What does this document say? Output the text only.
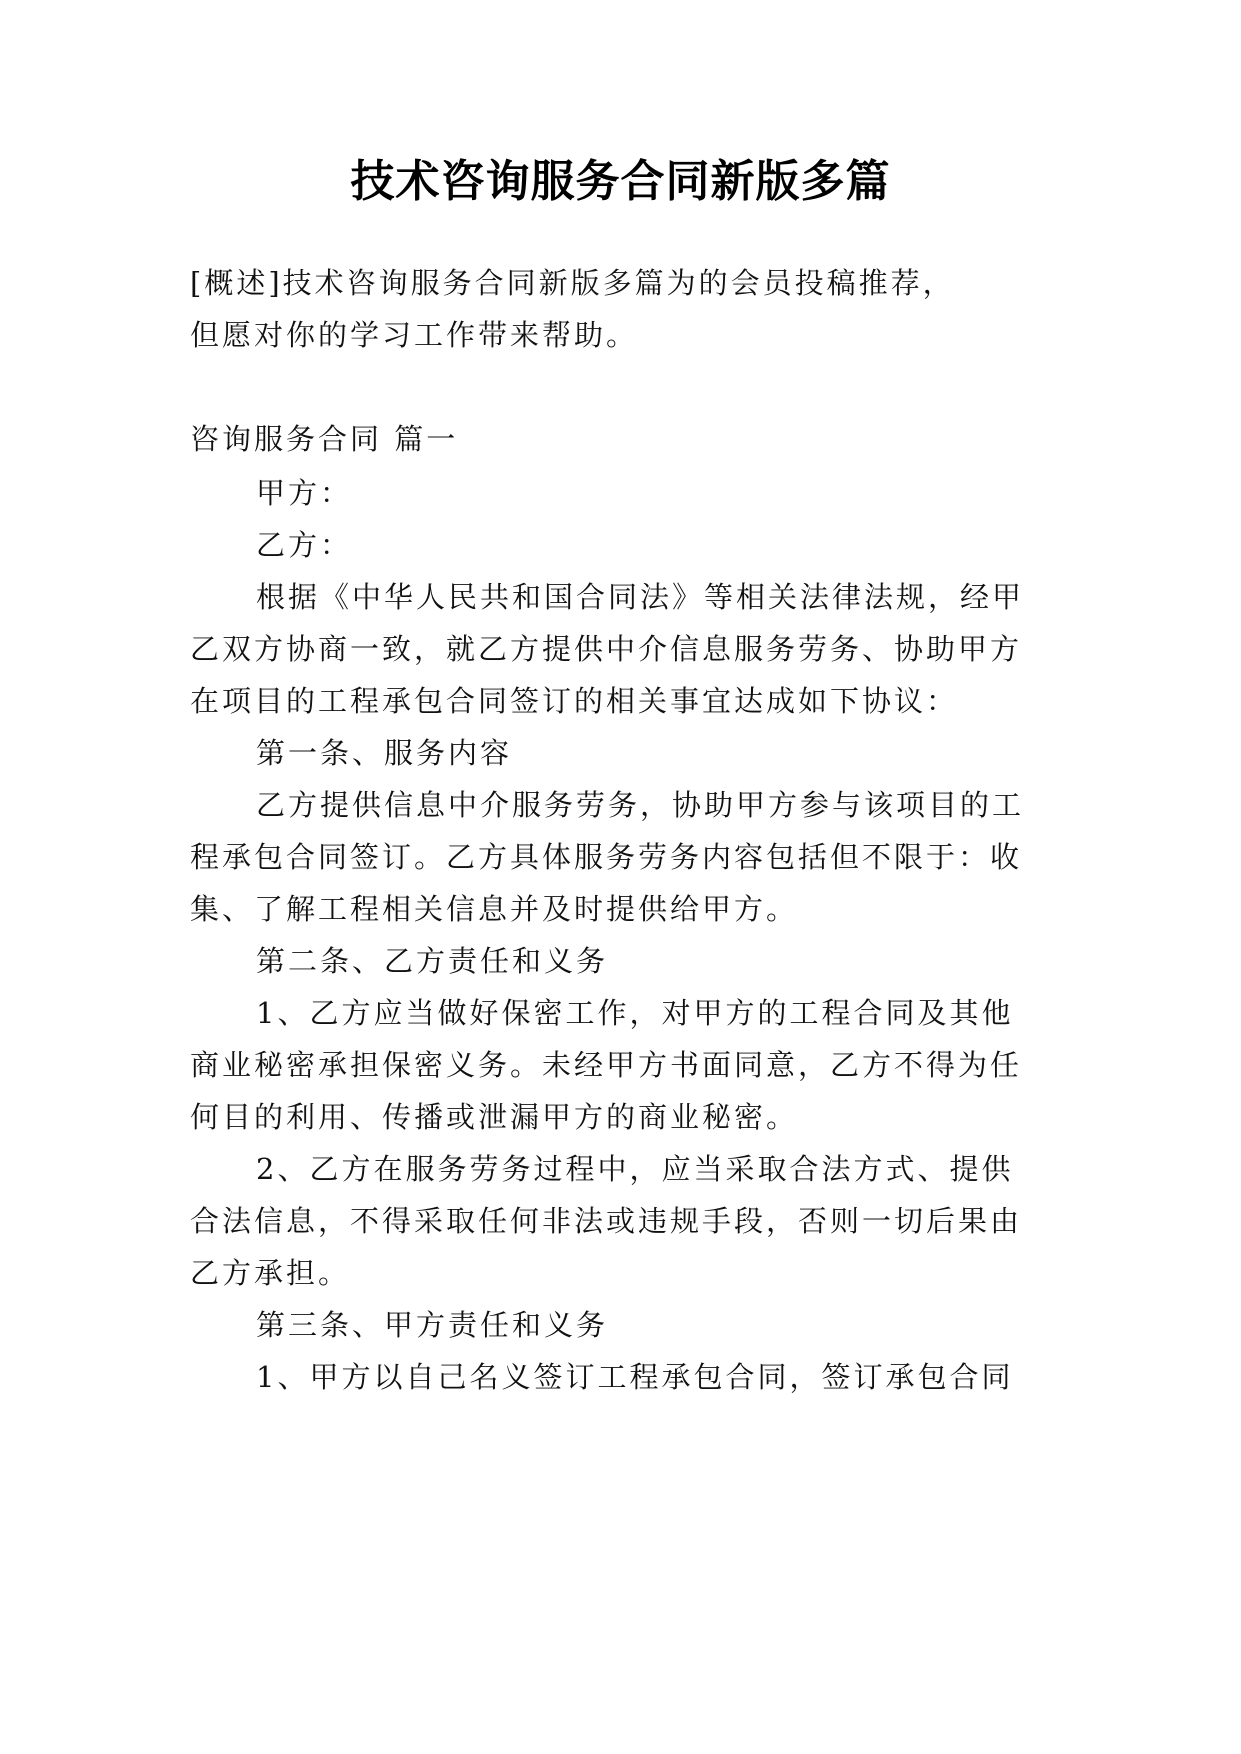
技术咨询服务合同新版多篇
[概述]技术咨询服务合同新版多篇为的会员投稿推荐，
但愿对你的学习工作带来帮助。
咨询服务合同 篇一
甲方：
乙方：
根据《中华人民共和国合同法》等相关法律法规，经甲
乙双方协商一致，就乙方提供中介信息服务劳务、协助甲方
在项目的工程承包合同签订的相关事宜达成如下协议：
第一条、服务内容
乙方提供信息中介服务劳务，协助甲方参与该项目的工
程承包合同签订。乙方具体服务劳务内容包括但不限于：收
集、了解工程相关信息并及时提供给甲方。
第二条、乙方责任和义务
1、乙方应当做好保密工作，对甲方的工程合同及其他
商业秘密承担保密义务。未经甲方书面同意，乙方不得为任
何目的利用、传播或泄漏甲方的商业秘密。
2、乙方在服务劳务过程中，应当采取合法方式、提供
合法信息，不得采取任何非法或违规手段，否则一切后果由
乙方承担。
第三条、甲方责任和义务
1、甲方以自己名义签订工程承包合同，签订承包合同
